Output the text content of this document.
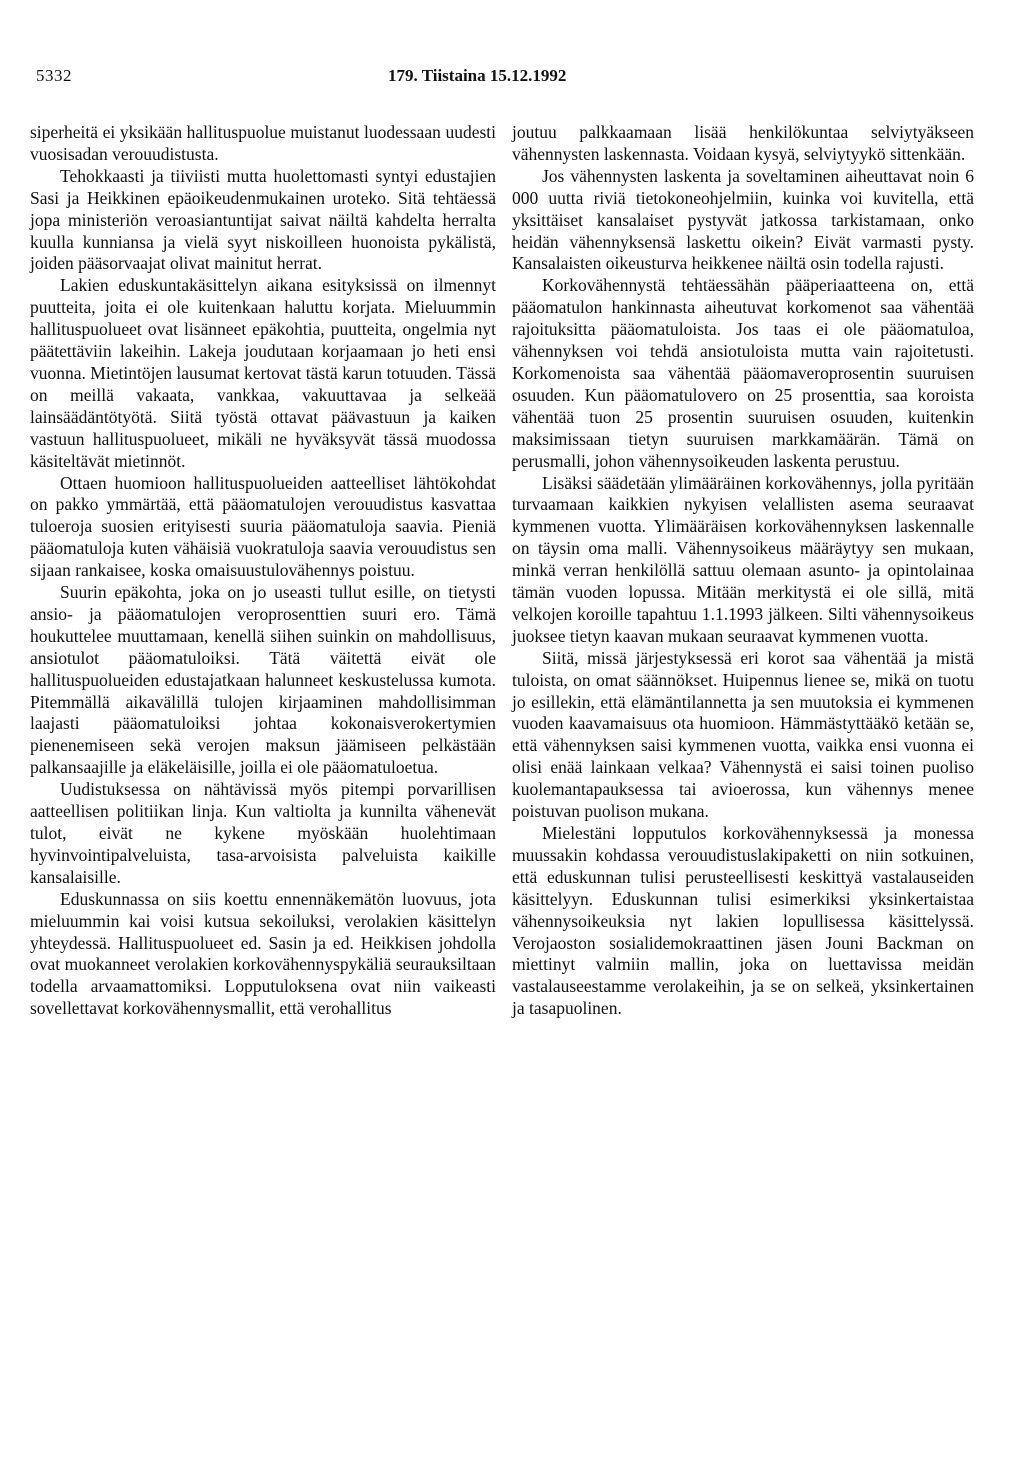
5332	179. Tiistaina 15.12.1992

siperheitä ei yksikään hallituspuolue muistanut luodessaan uudesti vuosisadan verouudistusta.

Tehokkaasti ja tiiviisti mutta huolettomasti syntyi edustajien Sasi ja Heikkinen epäoikeudenmukainen uroteko. Sitä tehtäessä jopa ministeriön veroasiantuntijat saivat näiltä kahdelta herralta kuulla kunniansa ja vielä syyt niskoilleen huonoista pykälistä, joiden pääsorvaajat olivat mainitut herrat.

Lakien eduskuntakäsittelyn aikana esityksissä on ilmennyt puutteita, joita ei ole kuitenkaan haluttu korjata. Mieluummin hallituspuolueet ovat lisänneet epäkohtia, puutteita, ongelmia nyt päätettäviin lakeihin. Lakeja joudutaan korjaamaan jo heti ensi vuonna. Mietintöjen lausumat kertovat tästä karun totuuden. Tässä on meillä vakaata, vankkaa, vakuuttavaa ja selkeää lainsäädäntötyötä. Siitä työstä ottavat päävastuun ja kaiken vastuun hallituspuolueet, mikäli ne hyväksyvät tässä muodossa käsiteltävät mietinnöt.

Ottaen huomioon hallituspuolueiden aatteelliset lähtökohdat on pakko ymmärtää, että pääomatulojen verouudistus kasvattaa tuloeroja suosien erityisesti suuria pääomatuloja saavia. Pieniä pääomatuloja kuten vähäisiä vuokratuloja saavia verouudistus sen sijaan rankaisee, koska omaisuustulovähennys poistuu.

Suurin epäkohta, joka on jo useasti tullut esille, on tietysti ansio- ja pääomatulojen veroprosenttien suuri ero. Tämä houkuttelee muuttamaan, kenellä siihen suinkin on mahdollisuus, ansiotulot pääomatuloiksi. Tätä väitettä eivät ole hallituspuolueiden edustajatkaan halunneet keskustelussa kumota. Pitemmällä aikavälillä tulojen kirjaaminen mahdollisimman laajasti pääomatuloiksi johtaa kokonaisverokertymien pienenemiseen sekä verojen maksun jäämiseen pelkästään palkansaajille ja eläkeläisille, joilla ei ole pääomatuloetua.

Uudistuksessa on nähtävissä myös pitempi porvarillisen aatteellisen politiikan linja. Kun valtiolta ja kunnilta vähenevät tulot, eivät ne kykene myöskään huolehtimaan hyvinvointipalveluista, tasa-arvoisista palveluista kaikille kansalaisille.

Eduskunnassa on siis koettu ennennäkemätön luovuus, jota mieluummin kai voisi kutsua sekoiluksi, verolakien käsittelyn yhteydessä. Hallituspuolueet ed. Sasin ja ed. Heikkisen johdolla ovat muokanneet verolakien korkovähennyspykäliä seurauksiltaan todella arvaamattomiksi. Lopputuloksena ovat niin vaikeasti sovellettavat korkovähennysmallit, että verohallitus

joutuu palkkaamaan lisää henkilökuntaa selviytyäkseen vähennysten laskennasta. Voidaan kysyä, selviytyykö sittenkään.

Jos vähennysten laskenta ja soveltaminen aiheuttavat noin 6 000 uutta riviä tietokoneohjelmiin, kuinka voi kuvitella, että yksittäiset kansalaiset pystyvät jatkossa tarkistamaan, onko heidän vähennyksensä laskettu oikein? Eivät varmasti pysty. Kansalaisten oikeusturva heikkenee näiltä osin todella rajusti.

Korkovähennystä tehtäessähän pääperiaatteena on, että pääomatulon hankinnasta aiheutuvat korkomenot saa vähentää rajoituksitta pääomatuloista. Jos taas ei ole pääomatuloa, vähennyksen voi tehdä ansiotuloista mutta vain rajoitetusti. Korkomenoista saa vähentää pääomaveroprosentin suuruisen osuuden. Kun pääomatulovero on 25 prosenttia, saa koroista vähentää tuon 25 prosentin suuruisen osuuden, kuitenkin maksimissaan tietyn suuruisen markkamäärän. Tämä on perusmalli, johon vähennysoikeuden laskenta perustuu.

Lisäksi säädetään ylimääräinen korkovähennys, jolla pyritään turvaamaan kaikkien nykyisen velallisten asema seuraavat kymmenen vuotta. Ylimääräisen korkovähennyksen laskennalle on täysin oma malli. Vähennysoikeus määräytyy sen mukaan, minkä verran henkilöllä sattuu olemaan asunto- ja opintolainaa tämän vuoden lopussa. Mitään merkitystä ei ole sillä, mitä velkojen koroille tapahtuu 1.1.1993 jälkeen. Silti vähennysoikeus juoksee tietyn kaavan mukaan seuraavat kymmenen vuotta.

Siitä, missä järjestyksessä eri korot saa vähentää ja mistä tuloista, on omat säännökset. Huipennus lienee se, mikä on tuotu jo esillekin, että elämäntilannetta ja sen muutoksia ei kymmenen vuoden kaavamaisuus ota huomioon. Hämmästyttääkö ketään se, että vähennyksen saisi kymmenen vuotta, vaikka ensi vuonna ei olisi enää lainkaan velkaa? Vähennystä ei saisi toinen puoliso kuolemantapauksessa tai avioerossa, kun vähennys menee poistuvan puolison mukana.

Mielestäni lopputulos korkovähennyksessä ja monessa muussakin kohdassa verouudistuslakipaketti on niin sotkuinen, että eduskunnan tulisi perusteellisesti keskittyä vastalauseiden käsittelyyn. Eduskunnan tulisi esimerkiksi yksinkertaistaa vähennysoikeuksia nyt lakien lopullisessa käsittelyssä. Verojaoston sosialidemokraattinen jäsen Jouni Backman on miettinyt valmiin mallin, joka on luettavissa meidän vastalauseestamme verolakeihin, ja se on selkeä, yksinkertainen ja tasapuolinen.
